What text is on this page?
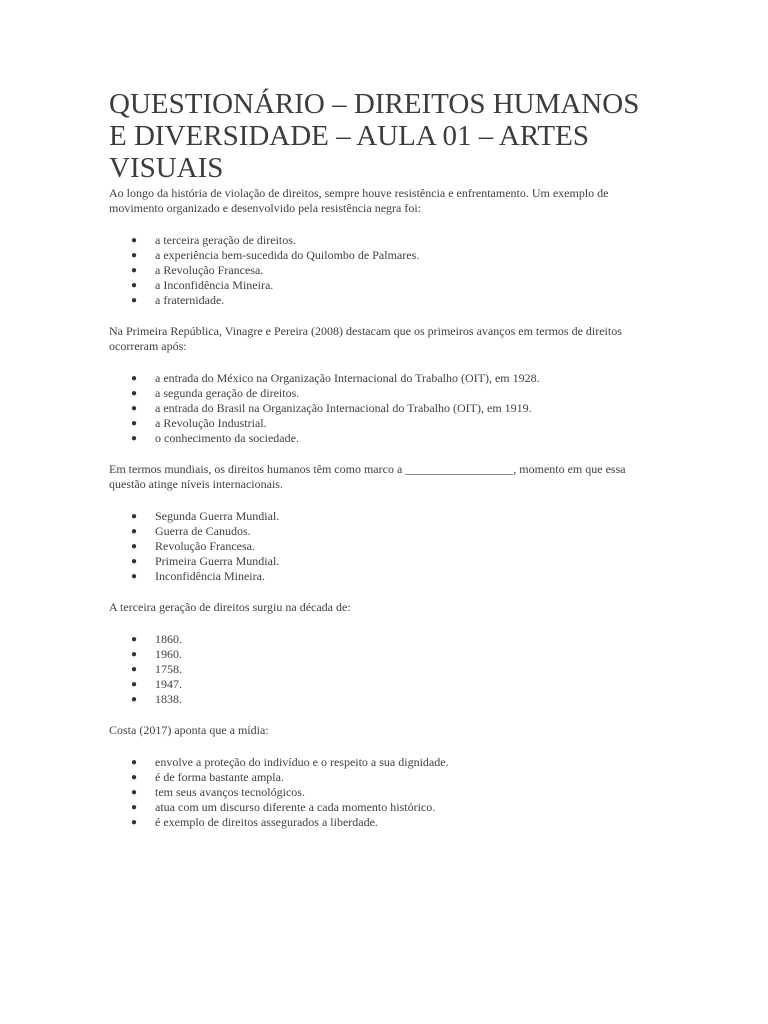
QUESTIONÁRIO – DIREITOS HUMANOS E DIVERSIDADE – AULA 01 – ARTES VISUAIS

Ao longo da história de violação de direitos, sempre houve resistência e enfrentamento. Um exemplo de movimento organizado e desenvolvido pela resistência negra foi:

● a terceira geração de direitos.
● a experiência bem-sucedida do Quilombo de Palmares.
● a Revolução Francesa.
● a Inconfidência Mineira.
● a fraternidade.

Na Primeira República, Vinagre e Pereira (2008) destacam que os primeiros avanços em termos de direitos ocorreram após:

● a entrada do México na Organização Internacional do Trabalho (OIT), em 1928.
● a segunda geração de direitos.
● a entrada do Brasil na Organização Internacional do Trabalho (OIT), em 1919.
● a Revolução Industrial.
● o conhecimento da sociedade.

Em termos mundiais, os direitos humanos têm como marco a __________________, momento em que essa questão atinge níveis internacionais.

● Segunda Guerra Mundial.
● Guerra de Canudos.
● Revolução Francesa.
● Primeira Guerra Mundial.
● Inconfidência Mineira.

A terceira geração de direitos surgiu na década de:

● 1860.
● 1960.
● 1758.
● 1947.
● 1838.

Costa (2017) aponta que a mídia:

● envolve a proteção do indivíduo e o respeito a sua dignidade.
● é de forma bastante ampla.
● tem seus avanços tecnológicos.
● atua com um discurso diferente a cada momento histórico.
● é exemplo de direitos assegurados a liberdade.
